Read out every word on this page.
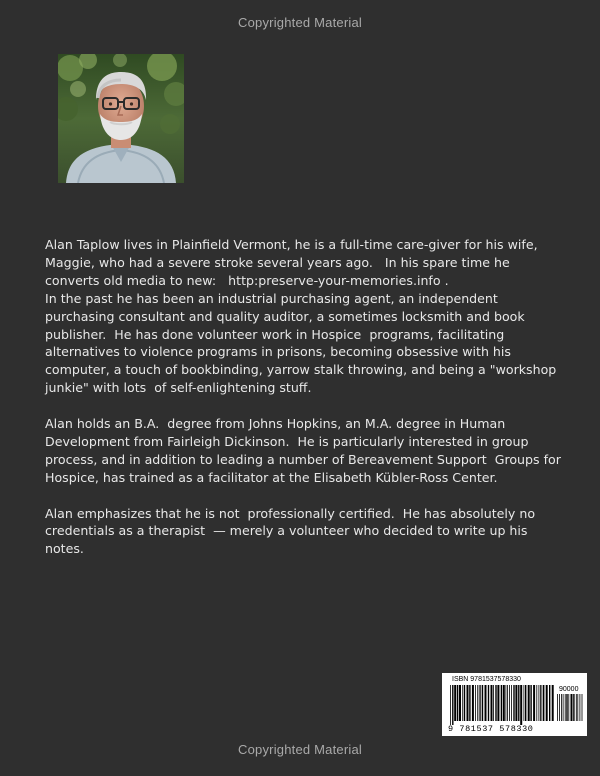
Copyrighted Material

Alan Taplow lives in Plainfield Vermont, he is a full-time care-giver for his wife, Maggie, who had a severe stroke several years ago.   In his spare time he converts old media to new:   http:preserve-your-memories.info .
In the past he has been an industrial purchasing agent, an independent purchasing consultant and quality auditor, a sometimes locksmith and book publisher.  He has done volunteer work in Hospice  programs, facilitating alternatives to violence programs in prisons, becoming obsessive with his computer, a touch of bookbinding, yarrow stalk throwing, and being a "workshop junkie" with lots  of self-enlightening stuff.

Alan holds an B.A.  degree from Johns Hopkins, an M.A. degree in Human Development from Fairleigh Dickinson.  He is particularly interested in group process, and in addition to leading a number of Bereavement Support  Groups for Hospice, has trained as a facilitator at the Elisabeth Kübler-Ross Center.

Alan emphasizes that he is not  professionally certified.  He has absolutely no credentials as a therapist  — merely a volunteer who decided to write up his notes.

ISBN 9781537578330
90000
9 781537 578330
Copyrighted Material
